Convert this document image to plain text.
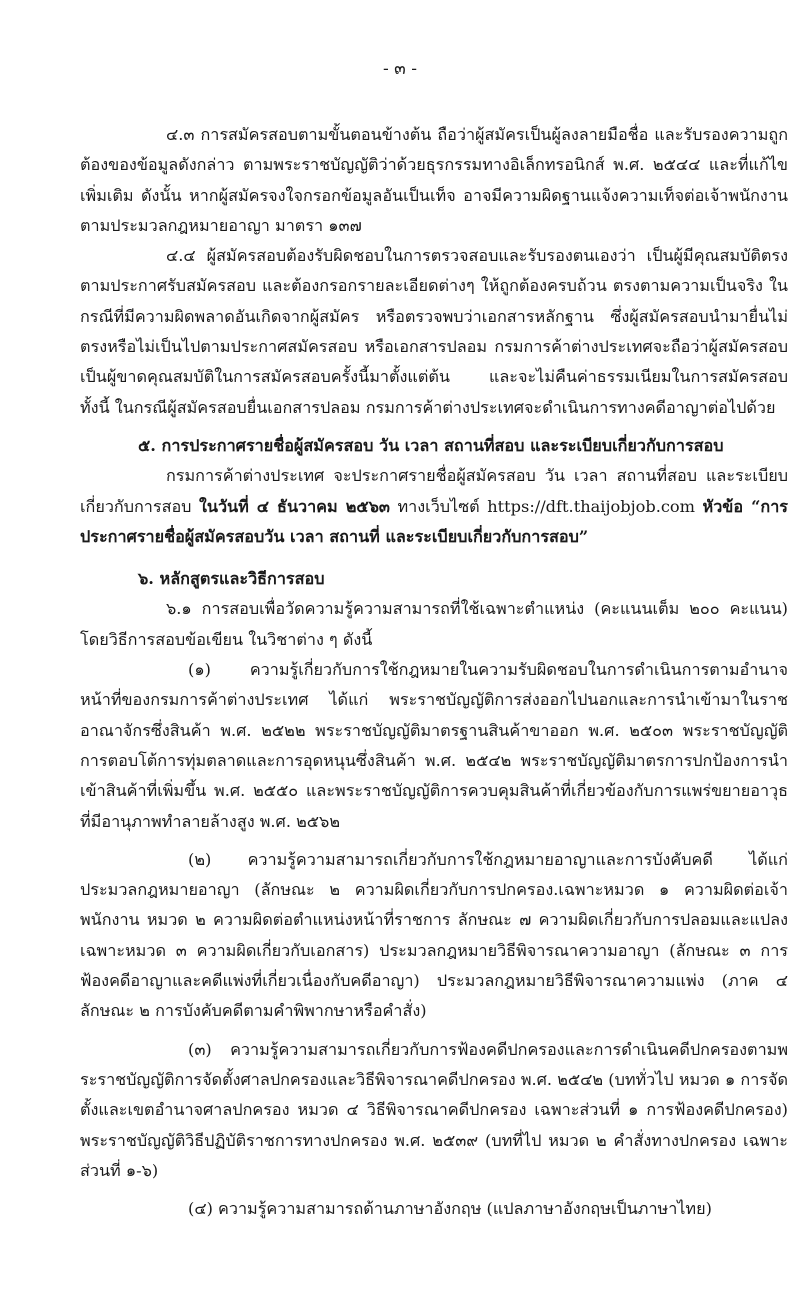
- ๓ -

๔.๓ การสมัครสอบตามขั้นตอนข้างต้น ถือว่าผู้สมัครเป็นผู้ลงลายมือชื่อ และรับรองความถูกต้องของข้อมูลดังกล่าว ตามพระราชบัญญัติว่าด้วยธุรกรรมทางอิเล็กทรอนิกส์ พ.ศ. ๒๕๔๔ และที่แก้ไขเพิ่มเติม ดังนั้น หากผู้สมัครจงใจกรอกข้อมูลอันเป็นเท็จ อาจมีความผิดฐานแจ้งความเท็จต่อเจ้าพนักงานตามประมวลกฎหมายอาญา มาตรา ๑๓๗

๔.๔ ผู้สมัครสอบต้องรับผิดชอบในการตรวจสอบและรับรองตนเองว่า เป็นผู้มีคุณสมบัติตรงตามประกาศรับสมัครสอบ และต้องกรอกรายละเอียดต่างๆ ให้ถูกต้องครบถ้วน ตรงตามความเป็นจริง ในกรณีที่มีความผิดพลาดอันเกิดจากผู้สมัคร หรือตรวจพบว่าเอกสารหลักฐาน ซึ่งผู้สมัครสอบนำมายื่นไม่ตรงหรือไม่เป็นไปตามประกาศสมัครสอบ หรือเอกสารปลอม กรมการค้าต่างประเทศจะถือว่าผู้สมัครสอบเป็นผู้ขาดคุณสมบัติในการสมัครสอบครั้งนี้มาตั้งแต่ต้น และจะไม่คืนค่าธรรมเนียมในการสมัครสอบ ทั้งนี้ ในกรณีผู้สมัครสอบยื่นเอกสารปลอม กรมการค้าต่างประเทศจะดำเนินการทางคดีอาญาต่อไปด้วย

๕. การประกาศรายชื่อผู้สมัครสอบ วัน เวลา สถานที่สอบ และระเบียบเกี่ยวกับการสอบ

กรมการค้าต่างประเทศ จะประกาศรายชื่อผู้สมัครสอบ วัน เวลา สถานที่สอบ และระเบียบเกี่ยวกับการสอบ ในวันที่ ๔ ธันวาคม ๒๕๖๓ ทางเว็บไซต์ https://dft.thaijobjob.com หัวข้อ “การประกาศรายชื่อผู้สมัครสอบวัน เวลา สถานที่ และระเบียบเกี่ยวกับการสอบ”

๖. หลักสูตรและวิธีการสอบ

๖.๑ การสอบเพื่อวัดความรู้ความสามารถที่ใช้เฉพาะตำแหน่ง (คะแนนเต็ม ๒๐๐ คะแนน) โดยวิธีการสอบข้อเขียน ในวิชาต่าง ๆ ดังนี้

(๑) ความรู้เกี่ยวกับการใช้กฎหมายในความรับผิดชอบในการดำเนินการตามอำนาจหน้าที่ของกรมการค้าต่างประเทศ ได้แก่ พระราชบัญญัติการส่งออกไปนอกและการนำเข้ามาในราชอาณาจักรซึ่งสินค้า พ.ศ. ๒๕๒๒ พระราชบัญญัติมาตรฐานสินค้าขาออก พ.ศ. ๒๕๐๓ พระราชบัญญัติการตอบโต้การทุ่มตลาดและการอุดหนุนซึ่งสินค้า พ.ศ. ๒๕๔๒ พระราชบัญญัติมาตรการปกป้องการนำเข้าสินค้าที่เพิ่มขึ้น พ.ศ. ๒๕๕๐ และพระราชบัญญัติการควบคุมสินค้าที่เกี่ยวข้องกับการแพร่ขยายอาวุธที่มีอานุภาพทำลายล้างสูง พ.ศ. ๒๕๖๒

(๒) ความรู้ความสามารถเกี่ยวกับการใช้กฎหมายอาญาและการบังคับคดี ได้แก่ ประมวลกฎหมายอาญา (ลักษณะ ๒ ความผิดเกี่ยวกับการปกครอง.เฉพาะหมวด ๑ ความผิดต่อเจ้าพนักงาน หมวด ๒ ความผิดต่อตำแหน่งหน้าที่ราชการ ลักษณะ ๗ ความผิดเกี่ยวกับการปลอมและแปลง เฉพาะหมวด ๓ ความผิดเกี่ยวกับเอกสาร) ประมวลกฎหมายวิธีพิจารณาความอาญา (ลักษณะ ๓ การฟ้องคดีอาญาและคดีแพ่งที่เกี่ยวเนื่องกับคดีอาญา) ประมวลกฎหมายวิธีพิจารณาความแพ่ง (ภาค ๔ ลักษณะ ๒ การบังคับคดีตามคำพิพากษาหรือคำสั่ง)

(๓) ความรู้ความสามารถเกี่ยวกับการฟ้องคดีปกครองและการดำเนินคดีปกครองตามพระราชบัญญัติการจัดตั้งศาลปกครองและวิธีพิจารณาคดีปกครอง พ.ศ. ๒๕๔๒ (บททั่วไป หมวด ๑ การจัดตั้งและเขตอำนาจศาลปกครอง หมวด ๔ วิธีพิจารณาคดีปกครอง เฉพาะส่วนที่ ๑ การฟ้องคดีปกครอง) พระราชบัญญัติวิธีปฏิบัติราชการทางปกครอง พ.ศ. ๒๕๓๙ (บทที่ไป หมวด ๒ คำสั่งทางปกครอง เฉพาะส่วนที่ ๑-๖)

(๔) ความรู้ความสามารถด้านภาษาอังกฤษ (แปลภาษาอังกฤษเป็นภาษาไทย)
